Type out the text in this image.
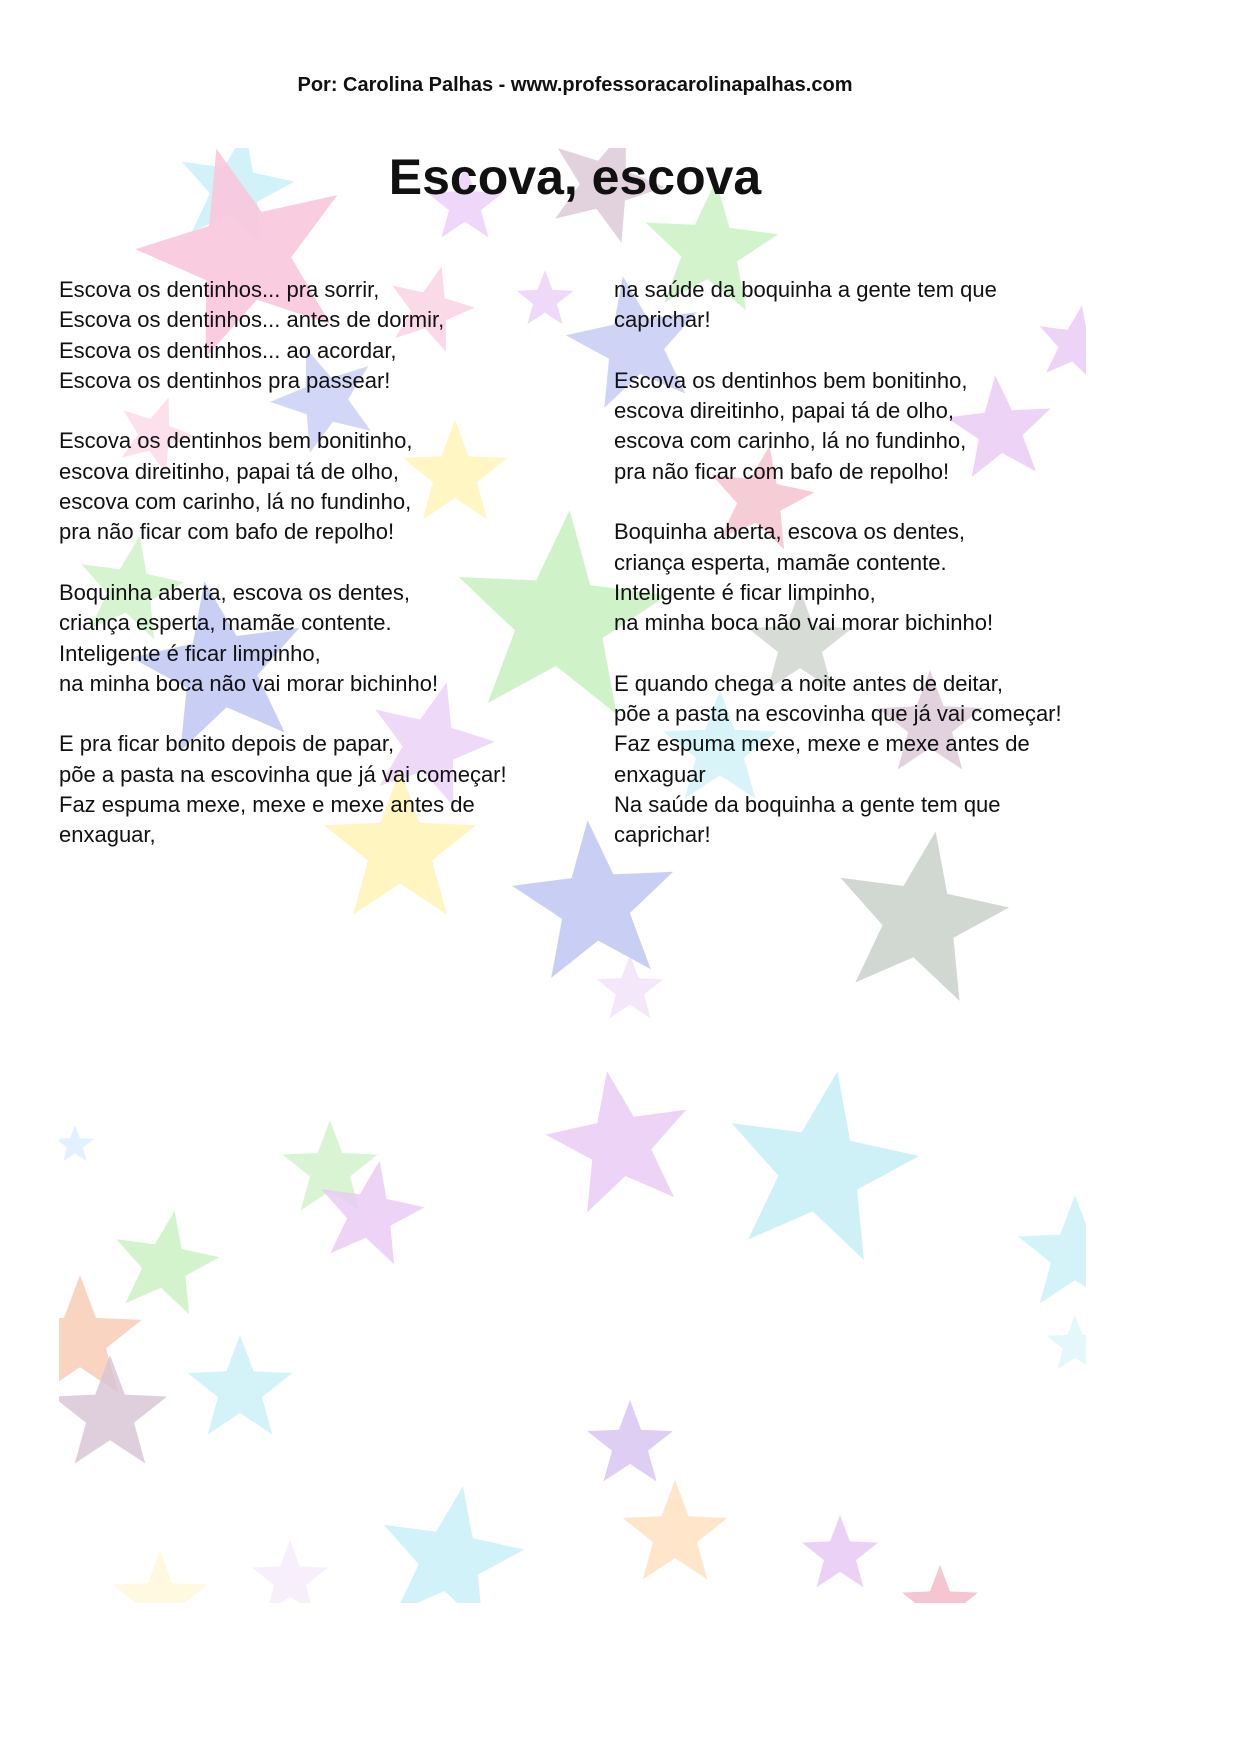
Por: Carolina Palhas - www.professoracarolinapalhas.com
Escova, escova
Escova os dentinhos... pra sorrir,
Escova os dentinhos... antes de dormir,
Escova os dentinhos... ao acordar,
Escova os dentinhos pra passear!
Escova os dentinhos bem bonitinho,
escova direitinho, papai tá de olho,
escova com carinho, lá no fundinho,
pra não ficar com bafo de repolho!
Boquinha aberta, escova os dentes,
criança esperta, mamãe contente.
Inteligente é ficar limpinho,
na minha boca não vai morar bichinho!
E pra ficar bonito depois de papar,
põe a pasta na escovinha que já vai começar!
Faz espuma mexe, mexe e mexe antes de
enxaguar,
na saúde da boquinha a gente tem que
caprichar!
Escova os dentinhos bem bonitinho,
escova direitinho, papai tá de olho,
escova com carinho, lá no fundinho,
pra não ficar com bafo de repolho!
Boquinha aberta, escova os dentes,
criança esperta, mamãe contente.
Inteligente é ficar limpinho,
na minha boca não vai morar bichinho!
E quando chega a noite antes de deitar,
põe a pasta na escovinha que já vai começar!
Faz espuma mexe, mexe e mexe antes de
enxaguar
Na saúde da boquinha a gente tem que
caprichar!
